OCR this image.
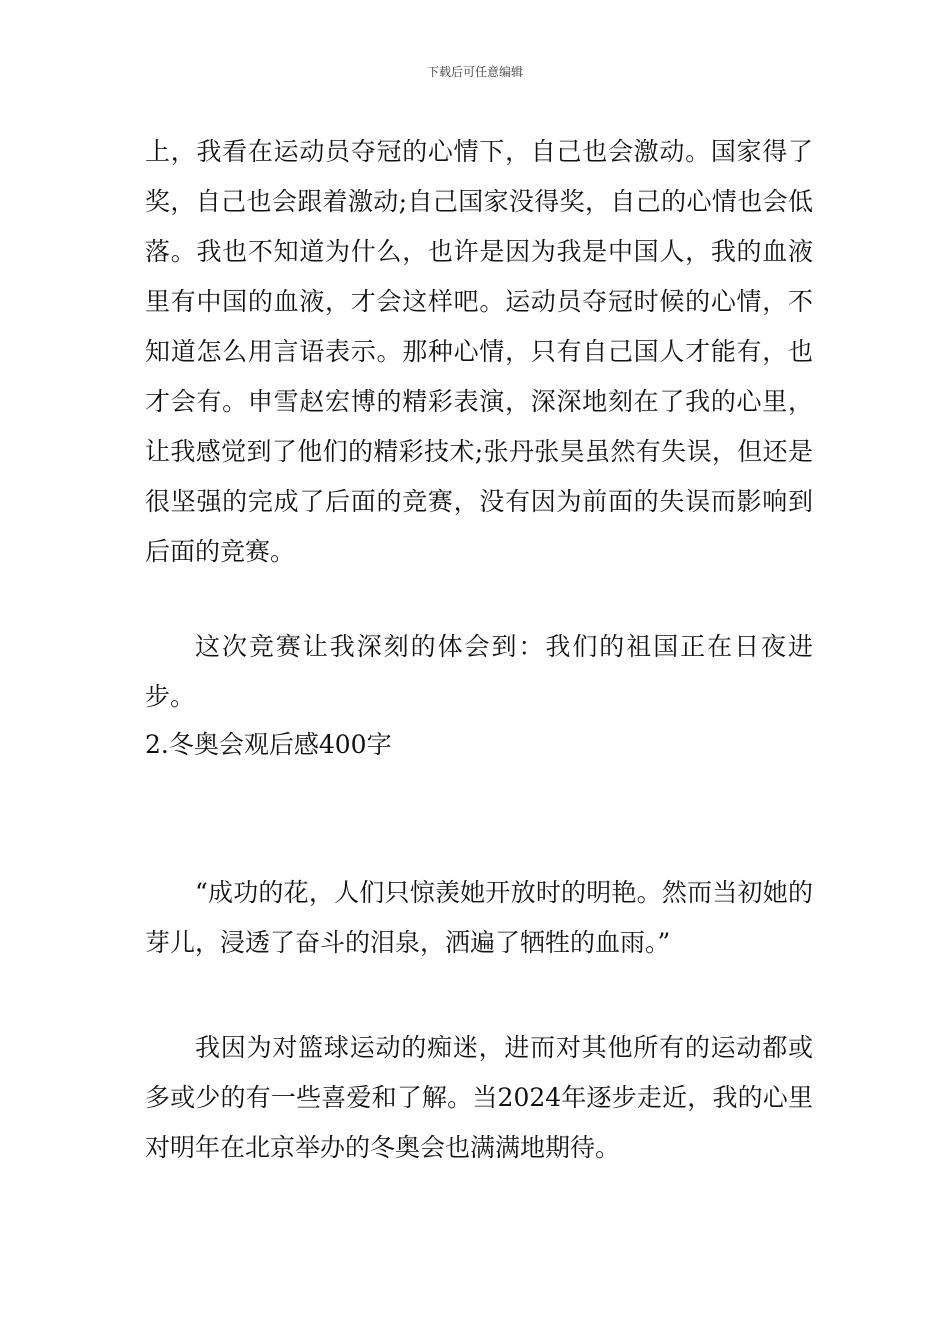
下载后可任意编辑
上，我看在运动员夺冠的心情下，自己也会激动。国家得了奖，自己也会跟着激动;自己国家没得奖，自己的心情也会低落。我也不知道为什么，也许是因为我是中国人，我的血液里有中国的血液，才会这样吧。运动员夺冠时候的心情，不知道怎么用言语表示。那种心情，只有自己国人才能有，也才会有。申雪赵宏博的精彩表演，深深地刻在了我的心里，让我感觉到了他们的精彩技术;张丹张昊虽然有失误，但还是很坚强的完成了后面的竞赛，没有因为前面的失误而影响到后面的竞赛。
这次竞赛让我深刻的体会到：我们的祖国正在日夜进步。
2.冬奥会观后感400字
“成功的花，人们只惊羡她开放时的明艳。然而当初她的芽儿，浸透了奋斗的泪泉，洒遍了牺牲的血雨。”
我因为对篮球运动的痴迷，进而对其他所有的运动都或多或少的有一些喜爱和了解。当2024年逐步走近，我的心里对明年在北京举办的冬奥会也满满地期待。
